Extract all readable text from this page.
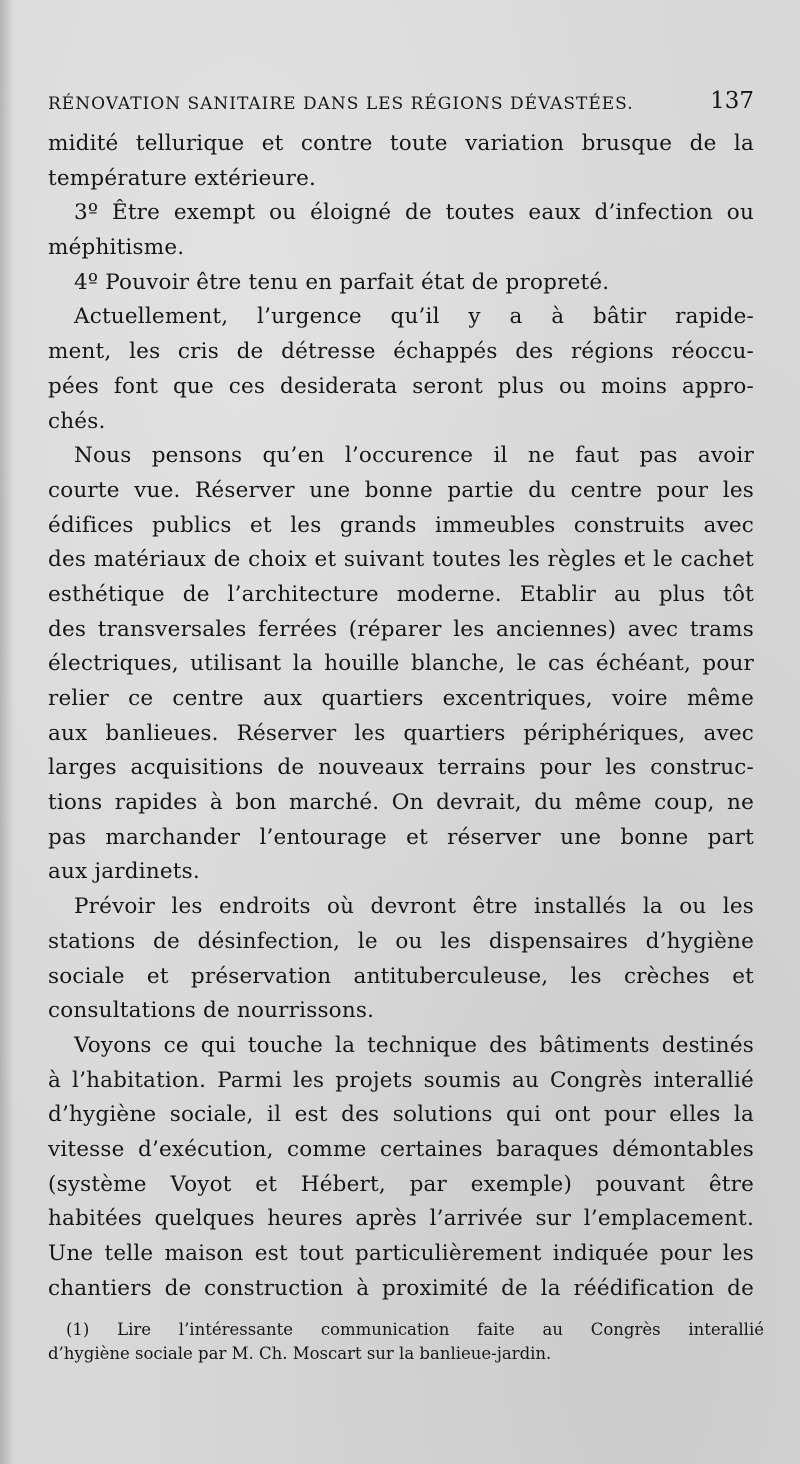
RÉNOVATION SANITAIRE DANS LES RÉGIONS DÉVASTÉES.	137
midité tellurique et contre toute variation brusque de la
température extérieure.
3º Être exempt ou éloigné de toutes eaux d’infection ou
méphitisme.
4º Pouvoir être tenu en parfait état de propreté.
Actuellement, l’urgence qu’il y a à bâtir rapide-
ment, les cris de détresse échappés des régions réoccu-
pées font que ces desiderata seront plus ou moins appro-
chés.
Nous pensons qu’en l’occurence il ne faut pas avoir
courte vue. Réserver une bonne partie du centre pour les
édifices publics et les grands immeubles construits avec
des matériaux de choix et suivant toutes les règles et le cachet
esthétique de l’architecture moderne. Etablir au plus tôt
des transversales ferrées (réparer les anciennes) avec trams
électriques, utilisant la houille blanche, le cas échéant, pour
relier ce centre aux quartiers excentriques, voire même
aux banlieues. Réserver les quartiers périphériques, avec
larges acquisitions de nouveaux terrains pour les construc-
tions rapides à bon marché. On devrait, du même coup, ne
pas marchander l’entourage et réserver une bonne part
aux jardinets.
Prévoir les endroits où devront être installés la ou les
stations de désinfection, le ou les dispensaires d’hygiène
sociale et préservation antituberculeuse, les crèches et
consultations de nourrissons.
Voyons ce qui touche la technique des bâtiments destinés
à l’habitation. Parmi les projets soumis au Congrès interallié
d’hygiène sociale, il est des solutions qui ont pour elles la
vitesse d’exécution, comme certaines baraques démontables
(système Voyot et Hébert, par exemple) pouvant être
habitées quelques heures après l’arrivée sur l’emplacement.
Une telle maison est tout particulièrement indiquée pour les
chantiers de construction à proximité de la réédification de
(1) Lire l’intéressante communication faite au Congrès interallié
d’hygiène sociale par M. Ch. Moscart sur la banlieue-jardin.
